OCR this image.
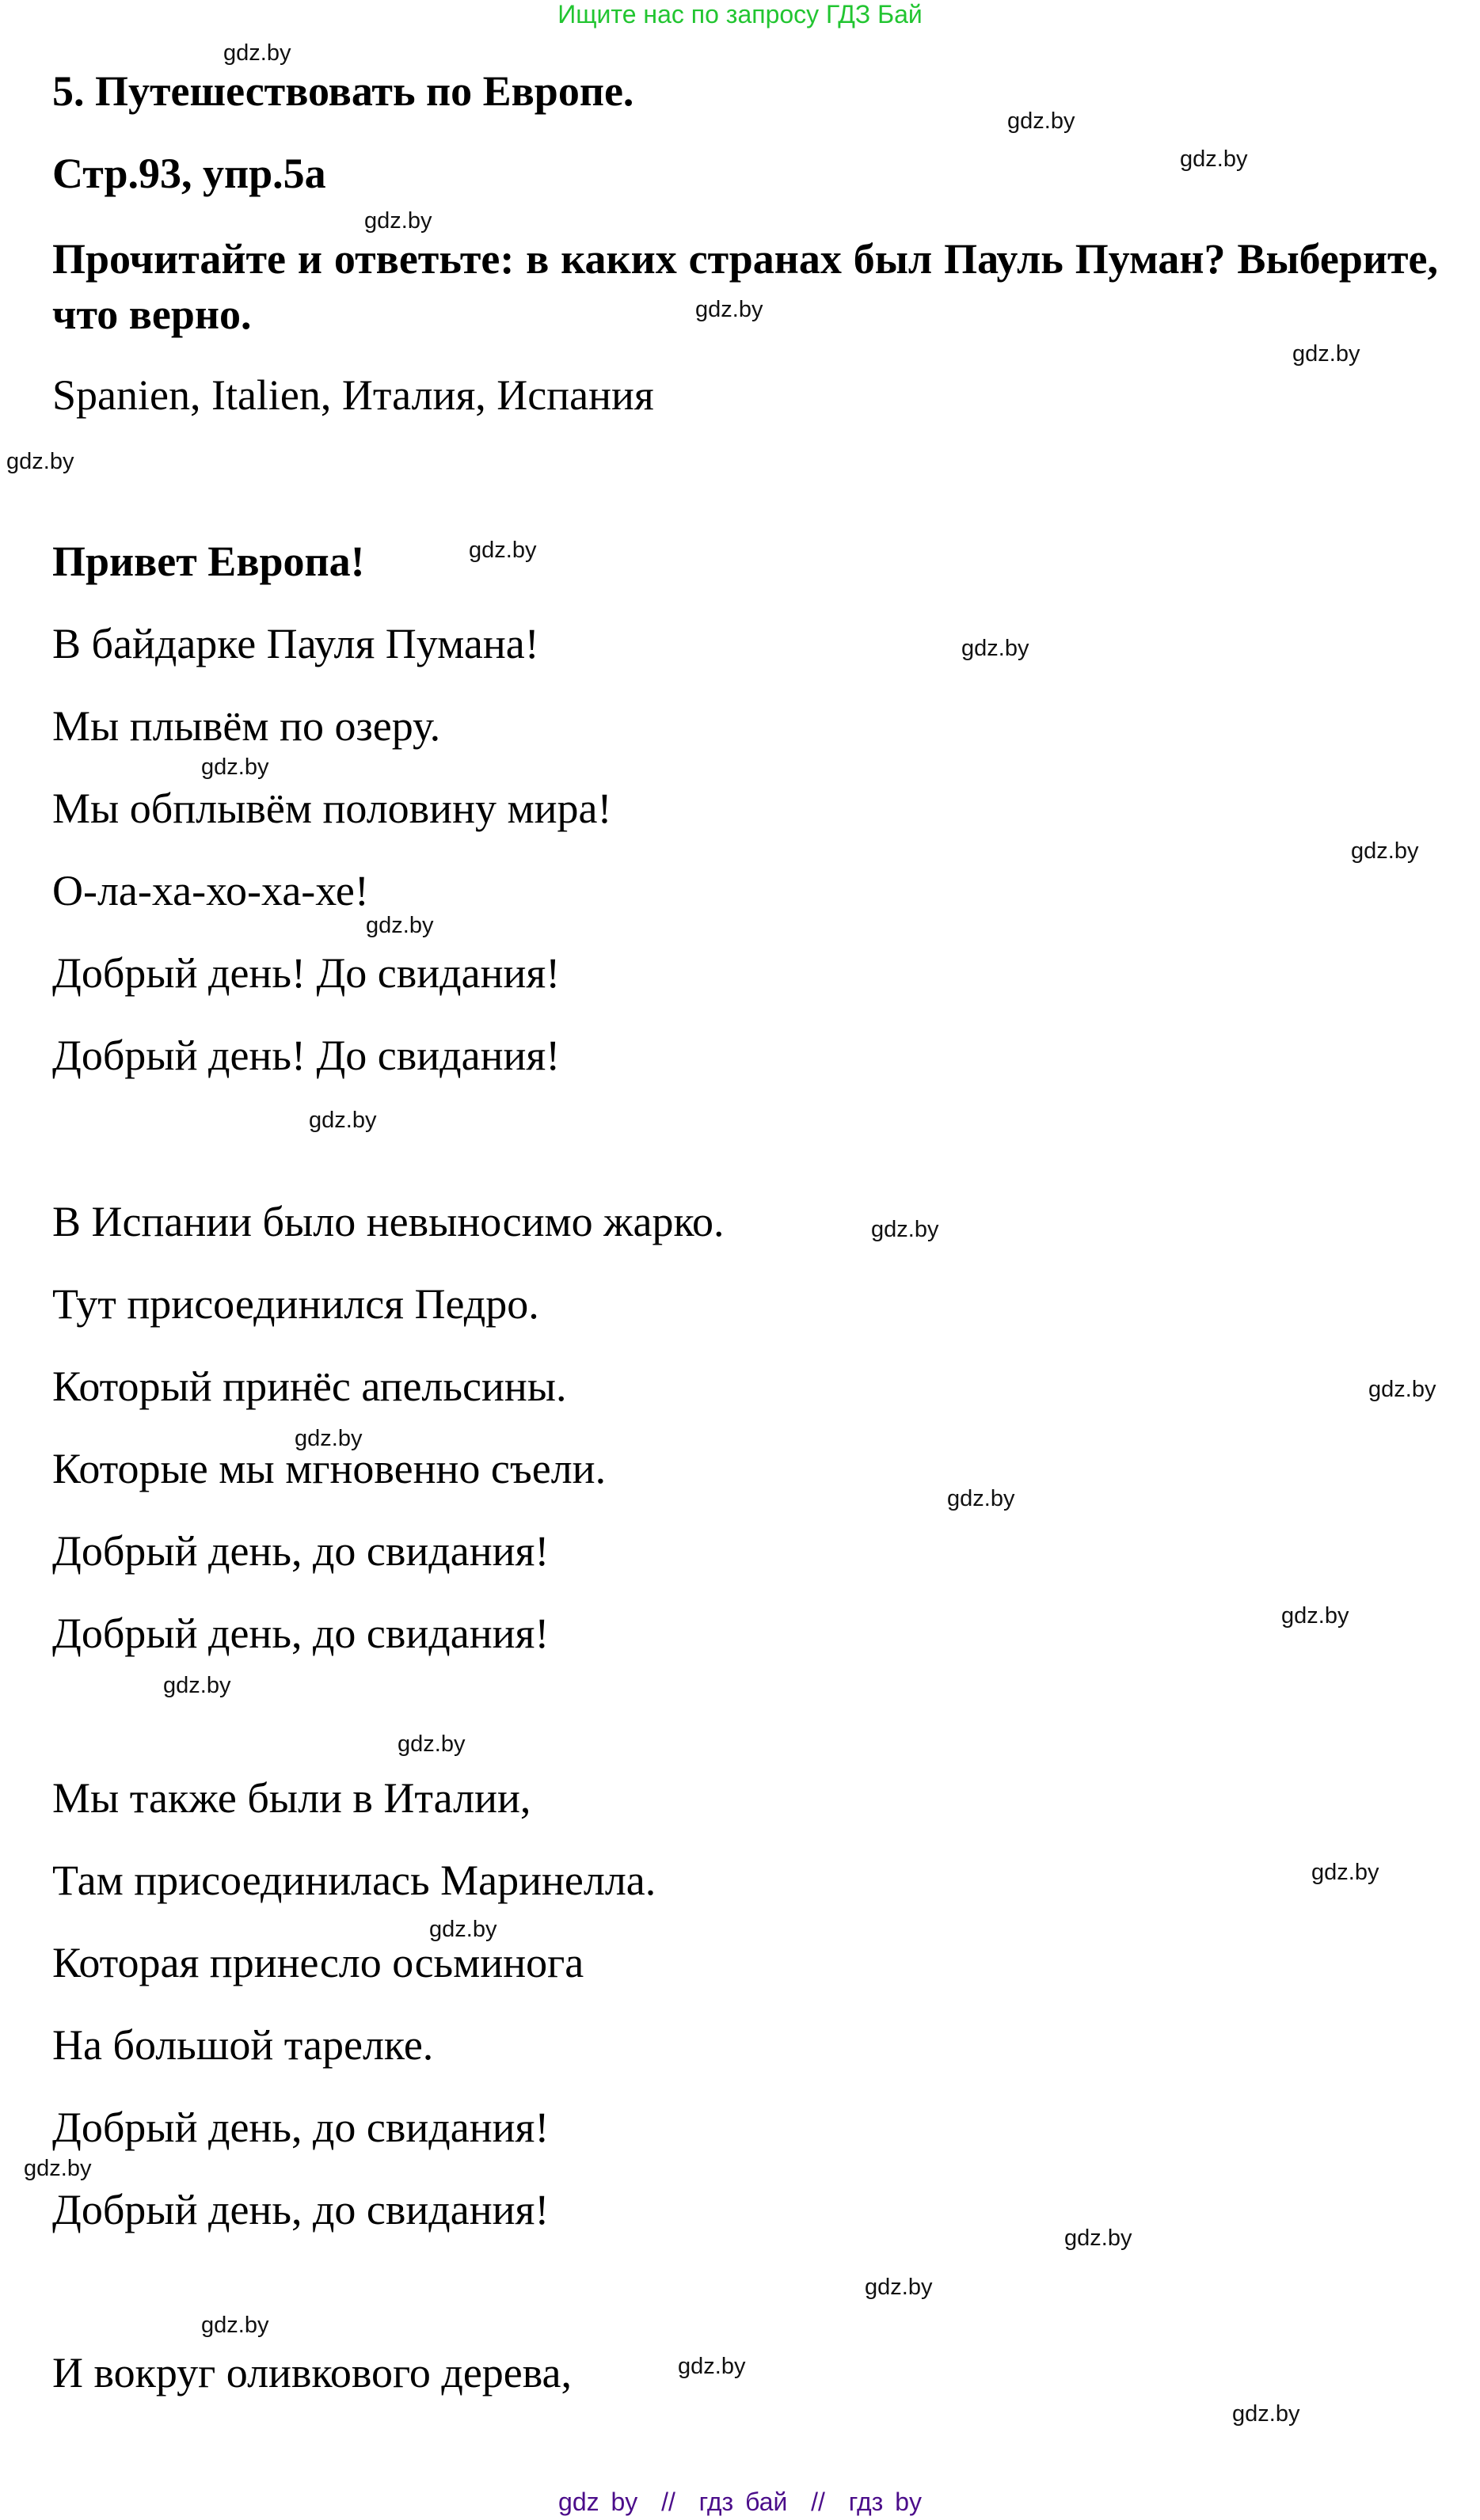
Ищите нас по запросу ГДЗ Бай
5. Путешествовать по Европе.
Стр.93, упр.5а
Прочитайте и ответьте: в каких странах был Пауль Пуман? Выберите, что верно.
Spanien, Italien, Италия, Испания
Привет Европа!
В байдарке Пауля Пумана!
Мы плывём по озеру.
Мы обплывём половину мира!
О-ла-ха-хо-ха-хе!
Добрый день! До свидания!
Добрый день! До свидания!
В Испании было невыносимо жарко.
Тут присоединился Педро.
Который принёс апельсины.
Которые мы мгновенно съели.
Добрый день, до свидания!
Добрый день, до свидания!
Мы также были в Италии,
Там присоединилась Маринелла.
Которая принесло осьминога
На большой тарелке.
Добрый день, до свидания!
Добрый день, до свидания!
И вокруг оливкового дерева,
gdz.by
gdz.by
gdz.by
gdz.by
gdz.by
gdz.by
gdz.by
gdz.by
gdz.by
gdz.by
gdz.by
gdz.by
gdz.by
gdz.by
gdz.by
gdz.by
gdz.by
gdz.by
gdz.by
gdz.by
gdz.by
gdz.by
gdz.by
gdz.by
gdz.by
gdz.by
gdz.by
gdz.by
gdz by  //  гдз бай  //  гдз by
